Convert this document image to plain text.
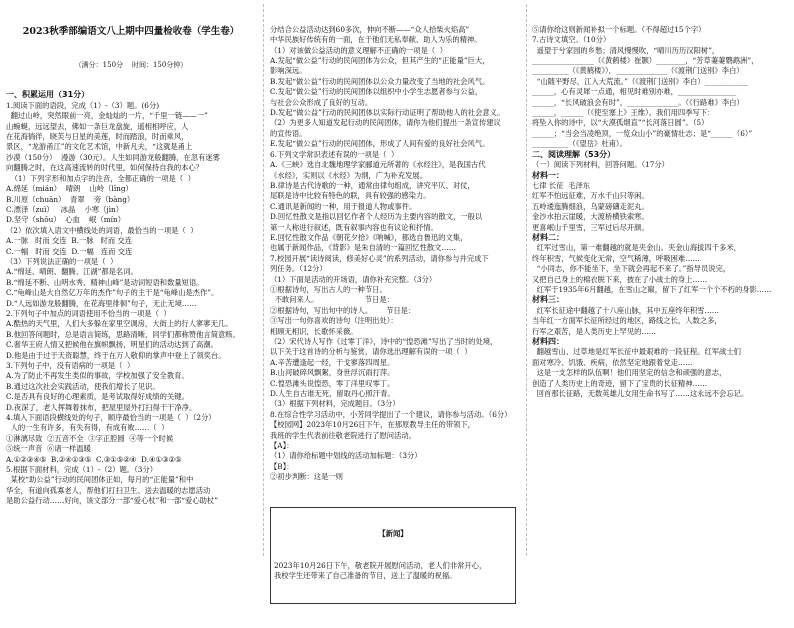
2023秋季部编语文八上期中四量检收卷（学生卷）

（满分：150分    时间：150分钟）

一、积累运用（31分）
1.阅读下面的语段，完成（1）-（3）题。(6分)
翻过山岭，突然眼前一亮，金灿灿的一片，“千里一链——一”
山蜿蜒，远远望去，佛如一条巨龙盘旋，遥相相呼应，人
在花海徜徉，晓芙与日星的美莲，时而踏浪，时而乘风，
景区，“龙游甬江”的文化艺术馆，中新凡夫，“这就是甬上
沙漠（150分）  漫游（30元）。人生如同游龙般翻腾，在忽有迷雾
向翻腾之时，在这高速流转的时代里，如何保持自我的本心？
（1）下列字形和加点字的注音，全都正确的一项是（  ）
A.绵延（mián）  晴朗    山岭（lǐng）
B.川原（chuān）  青翠    旁（bàng）
C.漂泽（zuì）   冰晶    小寒（jìn）
D.坚守（shǒu）  心血    岷（mín）
（2）依次填入语文中横线处的词语，最恰当的一项是（  ）
A.一脉   时而 交连  B.一脉   时而 交连
C.一幅   时而 交连  D.一幅   连而 交连
（3）下列说法正确的一项是（  ）
A.“绵延、晴朗、翻腾、江湖”都是名词。
B.“绵延不断、山明水秀、精神山峰”是动词短语和数量短语。
C.“龟峰山是大自然亿万年的杰作”句子的主干是“龟峰山是杰作”。
D.“人远如游龙般翻腾，在花海里徘徊”句子，无止无境……
2.下列句子中加点的词语使用不恰当的一项是（  ）
A.酷热的天气里，人们大多躲在家里空调房，大街上的行人寥寥无几。
B.他回答问题时，总是语言简练，思路清晰，同学们都称赞他言简意赅。
C.奢华王府人情又把候他在旗帜飘扬，明星们的活动达到了高潮。
D.他是由于过于天资聪慧，终于在万人敬仰的掌声中登上了领奖台。
3.下列句子中，没有语病的一项是（  ）
A.为了防止不再发生类似的事故，学校加强了安全教育。
B.通过这次社会实践活动，使我们增长了见识。
C.是否具有良好的心理素质，是考试取得好成绩的关键。
D.夜深了，老人挥舞着抹布，把屋里屋外打扫得干干净净。
4.填入下面语段横线处的句子，顺序最恰当的一项是（  ）（2分）
人的一生有许多，有失有得，有成有败……（  ）
①淋漓尽致  ②五音不全  ③字正腔圆  ④等一个时候
⑤统一声音  ⑥诸一样温暖
A.①②③④⑤  B.②④①③⑤  C.③①⑤②④  D.④①③②⑤
5.根据下面材料，完成（1）-（2）题。（3分）
某校“助公益”行动的民间团体正如，每月的“正能量”和中
华全，有道向孤寡老人，帮他们打扫卫生、送去温暖的志愿活动
是助公益行动……好向，该文部分一部“爱心杖”和一部“爱心助杖”

分结合公益活动达到60多次，伸向不断——“众人拾柴火焰高”
中华民族好传统有的一面，在于他们无私奉献、助人为乐的精神。
（1）对该做公益活动的意义理解不正确的一项是（  ）
A.发起“做公益”行动的民间团体为公众，但其产生的“正能量”巨大，
影响深远。
B.发起“做公益”行动的民间团体以公众力量改变了当地的社会风气。
C.发起“做公益”行动的民间团体以组织中小学生志愿者参与公益，
与社会公众形成了良好的互动。
D.发起“做公益”行动的民间团体以实际行动证明了帮助他人的社会意义。
（2）为更多人知道发起行动的民间团体，请你为他们提出一条宣传建议
的宣传语。
E.发起“做公益”行动的民间团体，形成了人间有爱的良好社会风气。
6.下列文学常识表述有误的一项是（  ）
A.《三峡》选自北魏地理学家郦道元所著的《水经注》，是我国古代
《水经》，实则以《水经》为纲，广为补充发展。
B.律诗是古代诗歌的一种，通常由律句组成，讲究平仄、对仗，
尾联是诗中比较有特色的联，具有较强的感染力。
C.通讯是新闻的一种，用于报道人物或事件。
D.回忆性散文是指以回忆作者个人经历为主要内容的散文，一般以
第一人称进行叙述，既有叙事内容也有议论和抒情。
E.回忆性散文作品《朝花夕拾》《呐喊》，都选自鲁迅的文集，
也属于新闻作品，《背影》是朱自清的一篇回忆性散文……
7.校园开展“读诗阅读，修美好心灵”的系列活动，请你参与并完成下
列任务。（12分）
（1）下面是活动的开场语，请你补充完整。（3分）
①根据诗句，写出古人的一种节日。
不敢问来人。                    节日是：
②根据诗句，写出句中的诗人。      节日是：
③写出一句你喜欢的诗句（注明出处）：
相顾无相识，长歌怀采薇。
（2）宋代诗人写作《过零丁洋》，诗中的“惶恐滩”写出了当时的处境，
以下关于这首诗的分析与鉴赏，请你选出理解有误的一项（  ）
A.辛苦遭逢起一经，干戈寥落四周星。
B.山河破碎风飘絮，身世浮沉雨打萍。
C.惶恐滩头说惶恐，零丁洋里叹零丁。
D.人生自古谁无死，留取丹心照汗青。
（3）根据下列材料，完成题目。（3分）
8.在综合性学习活动中，小芳同学提出了一个建议，请你参与活动。（6分）
【校园网】2023年10月26日下午，在那原教导主任的带领下，
我班的学生代表前往敬老院进行了慰问活动。
【A】：
（1）请你给标题中划线的活动加标题：（3分）
【B】：
②初步判断：这是一则

【新闻】

2023年10月26日下午，敬老院开展慰问活动，老人们非常开心，
我校学生还带来了自己准备的节目，送上了温暖的祝福。

⑤请你给这则新闻补拟一个标题。（不得超过15个字）
7.古诗文填空。（10分）
遥望于兮家园的乡愁；清风慢慢吹，“晴川历历汉阳树”，
_________________（《黄鹤楼》崔颢）________，“芳草萋萋鹦鹉洲”，
__________（《黄鹤楼》），______________（《渡荆门送别》李白）
“山随平野尽，江入大荒流。”（《渡荆门送别》李白）____________
______，心有灵犀一点通，相见时难别亦难，________________
______，“长风破浪会有时”，______________。（《行路难》李白）
______，______（《使至塞上》王维）。我们用四季写下：
将坠入你的诗中，以“大漠孤烟直”“长河落日圆”。（5）
______；“当会当凌绝顶，一览众山小”的豪情壮志；是“______（6）”
__________（《望岳》杜甫）。
二、阅读理解（53分）
（一）阅读下列材料，回答问题。（17分）
材料一：
七律 长征  毛泽东
红军不怕远征难，万水千山只等闲。
五岭逶迤腾细浪，乌蒙磅礴走泥丸。
金沙水拍云崖暖，大渡桥横铁索寒。
更喜岷山千里雪，三军过后尽开颜。
材料二：
红军过雪山，第一难翻越的就是夹金山。夹金山海拔四千多米，
终年积雪，气候变化无常，空气稀薄，呼吸困难……
“小同志，你不能坐下，坐下就会再起不来了。”指导员说完，
又把自己身上的棉衣脱下来，披在了小战士的身上……
红军于1935年6月翻越，在雪山之巅，留下了红军一个个不朽的身影……
材料三：
红军长征途中翻越了十八座山脉，其中五座终年积雪……
当年红一方面军长征所经过的地区，路线之长，人数之多，
行军之艰苦，是人类历史上罕见的……
材料四：
翻越雪山、过草地是红军长征中最艰难的一段征程。红军战士们
面对寒冷、饥饿、疾病，依然坚定地跟着党走……
这是一支怎样的队伍啊！他们用坚定的信念和顽强的意志，
创造了人类历史上的奇迹，留下了宝贵的长征精神……
回首那长征路，无数英雄儿女用生命书写了……这永远不会忘记。
